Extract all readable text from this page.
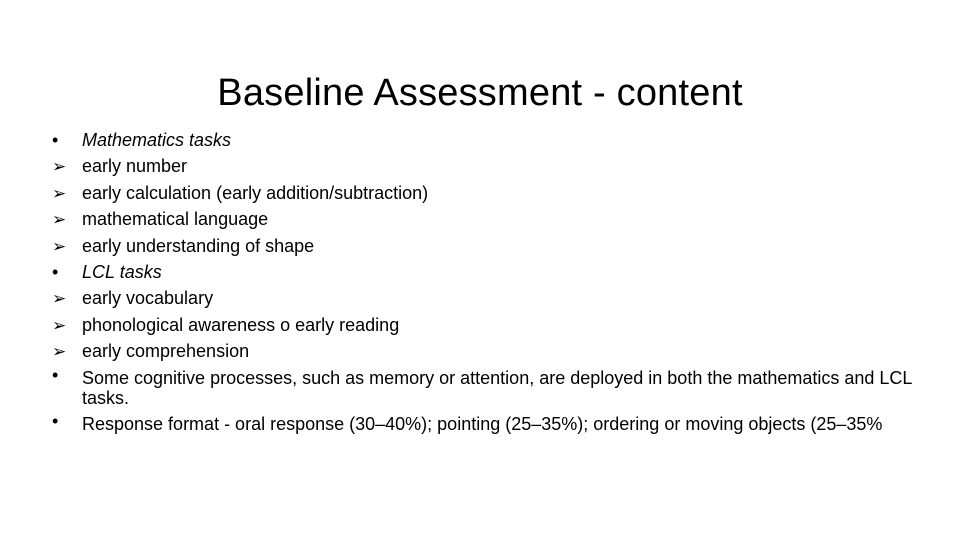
Baseline Assessment - content
•
Mathematics tasks
➢
early number
➢
early calculation (early addition/subtraction)
➢
mathematical language
➢
early understanding of shape
•
LCL tasks
➢
early vocabulary
➢
phonological awareness o early reading
➢
early comprehension
•
Some cognitive processes, such as memory or attention, are deployed in both the mathematics and LCL tasks.
•
Response format - oral response (30–40%); pointing (25–35%); ordering or moving objects (25–35%
